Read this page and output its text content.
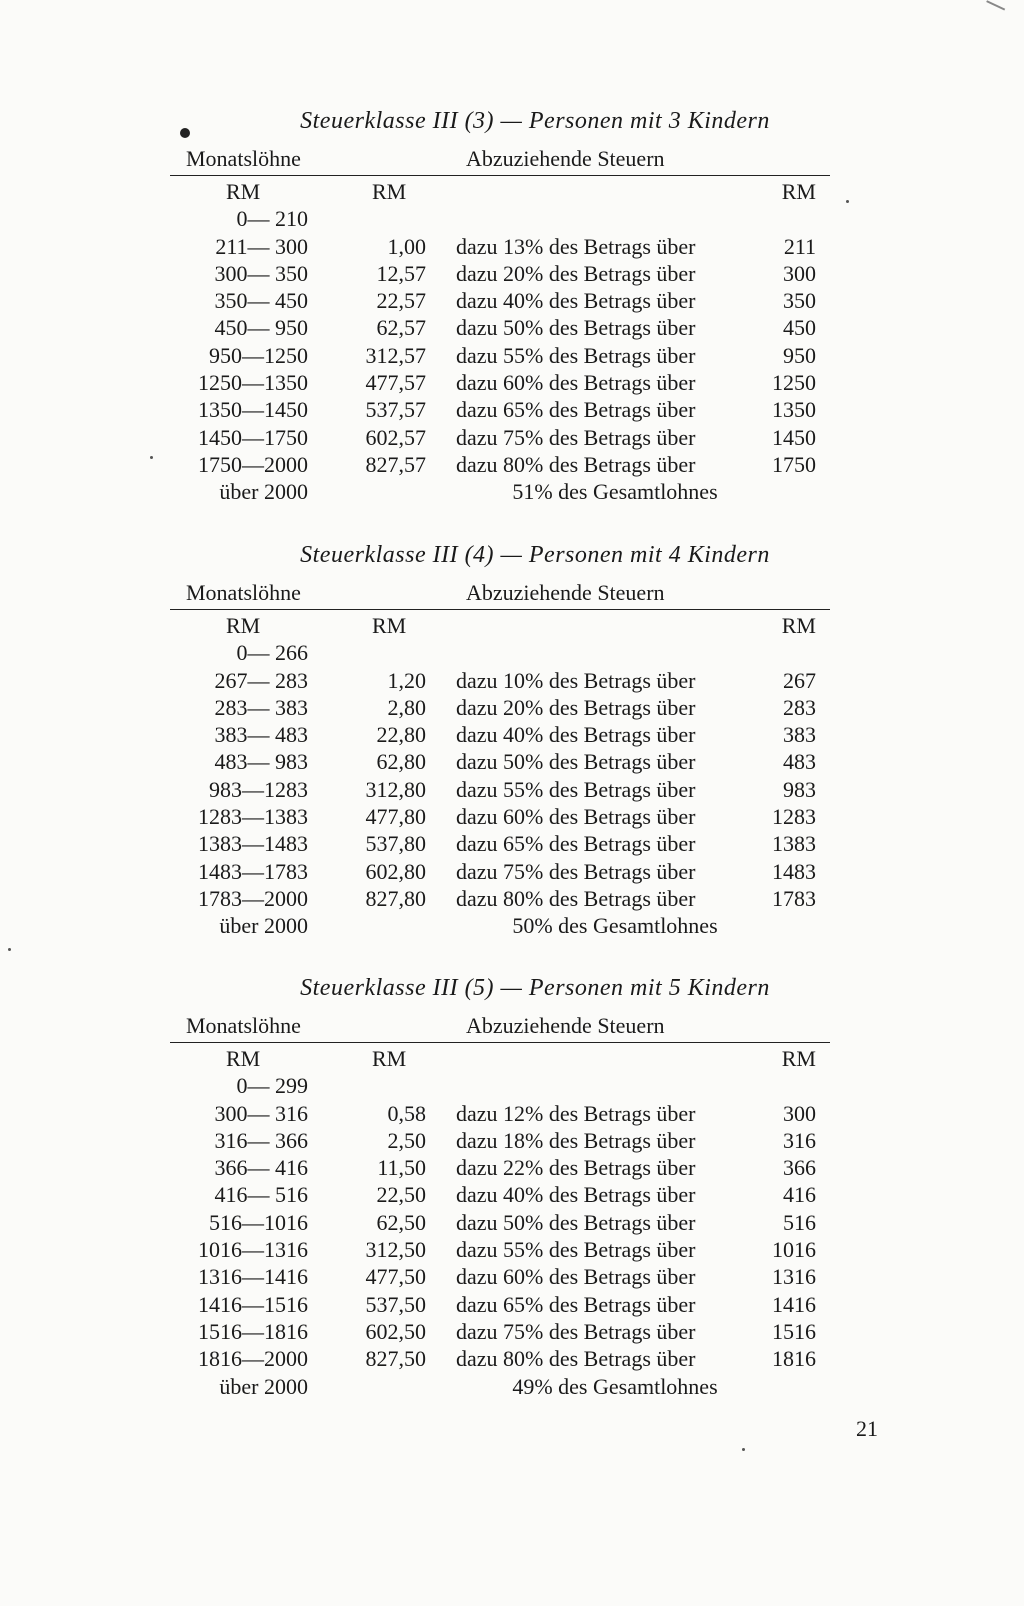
Steuerklasse III (3) — Personen mit 3 Kindern
Monatslöhne	Abzuziehende Steuern
RM	RM	RM
0— 210
211— 300	1,00 dazu 13% des Betrags über	211
300— 350	12,57 dazu 20% des Betrags über	300
350— 450	22,57 dazu 40% des Betrags über	350
450— 950	62,57 dazu 50% des Betrags über	450
950—1250	312,57 dazu 55% des Betrags über	950
1250—1350	477,57 dazu 60% des Betrags über	1250
1350—1450	537,57 dazu 65% des Betrags über	1350
1450—1750	602,57 dazu 75% des Betrags über	1450
1750—2000	827,57 dazu 80% des Betrags über	1750
über 2000	51% des Gesamtlohnes
Steuerklasse III (4) — Personen mit 4 Kindern
Monatslöhne	Abzuziehende Steuern
RM	RM	RM
0— 266
267— 283	1,20 dazu 10% des Betrags über	267
283— 383	2,80 dazu 20% des Betrags über	283
383— 483	22,80 dazu 40% des Betrags über	383
483— 983	62,80 dazu 50% des Betrags über	483
983—1283	312,80 dazu 55% des Betrags über	983
1283—1383	477,80 dazu 60% des Betrags über	1283
1383—1483	537,80 dazu 65% des Betrags über	1383
1483—1783	602,80 dazu 75% des Betrags über	1483
1783—2000	827,80 dazu 80% des Betrags über	1783
über 2000	50% des Gesamtlohnes
Steuerklasse III (5) — Personen mit 5 Kindern
Monatslöhne	Abzuziehende Steuern
RM	RM	RM
0— 299
300— 316	0,58 dazu 12% des Betrags über	300
316— 366	2,50 dazu 18% des Betrags über	316
366— 416	11,50 dazu 22% des Betrags über	366
416— 516	22,50 dazu 40% des Betrags über	416
516—1016	62,50 dazu 50% des Betrags über	516
1016—1316	312,50 dazu 55% des Betrags über	1016
1316—1416	477,50 dazu 60% des Betrags über	1316
1416—1516	537,50 dazu 65% des Betrags über	1416
1516—1816	602,50 dazu 75% des Betrags über	1516
1816—2000	827,50 dazu 80% des Betrags über	1816
über 2000	49% des Gesamtlohnes
21
